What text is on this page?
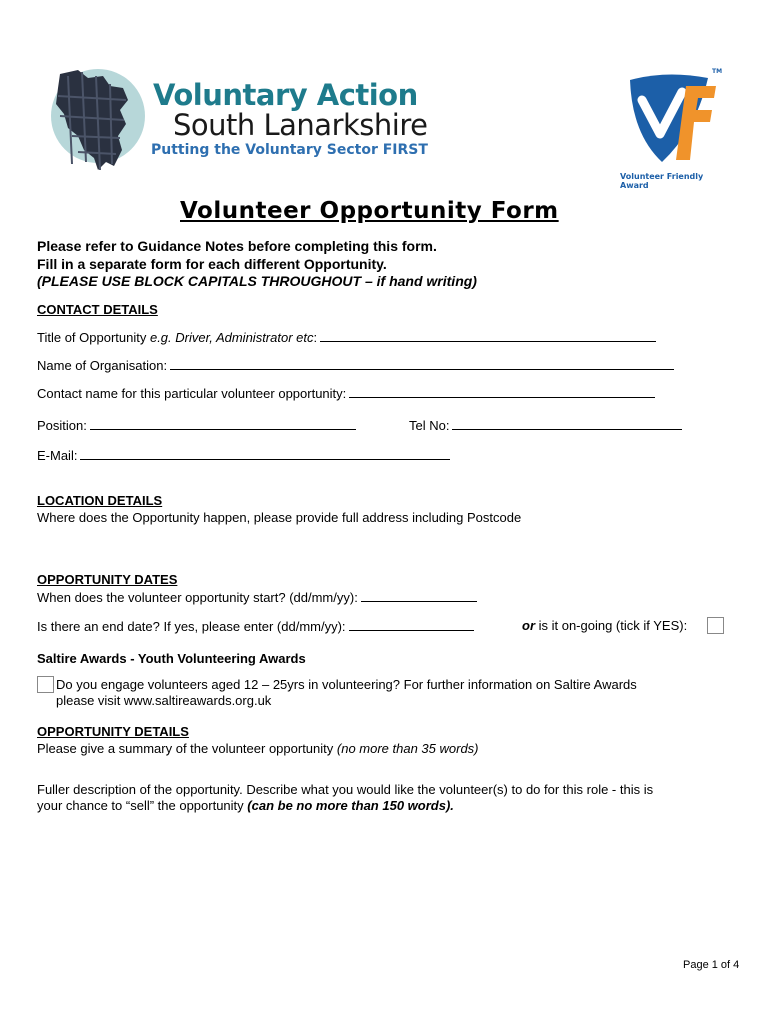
Voluntary Action
South Lanarkshire
Putting the Voluntary Sector FIRST
TM
Volunteer Friendly Award
Volunteer Opportunity Form
Please refer to Guidance Notes before completing this form.
Fill in a separate form for each different Opportunity.
(PLEASE USE BLOCK CAPITALS THROUGHOUT – if hand writing)
CONTACT DETAILS
Title of Opportunity e.g. Driver, Administrator etc:
Name of Organisation:
Contact name for this particular volunteer opportunity:
Position:	Tel No:
E-Mail:
LOCATION DETAILS
Where does the Opportunity happen, please provide full address including Postcode
OPPORTUNITY DATES
When does the volunteer opportunity start? (dd/mm/yy):
Is there an end date? If yes, please enter (dd/mm/yy):	or is it on-going (tick if YES):
Saltire Awards - Youth Volunteering Awards
Do you engage volunteers aged 12 – 25yrs in volunteering? For further information on Saltire Awards
please visit www.saltireawards.org.uk
OPPORTUNITY DETAILS
Please give a summary of the volunteer opportunity (no more than 35 words)
Fuller description of the opportunity. Describe what you would like the volunteer(s) to do for this role - this is
your chance to “sell” the opportunity (can be no more than 150 words).
Page 1 of 4
